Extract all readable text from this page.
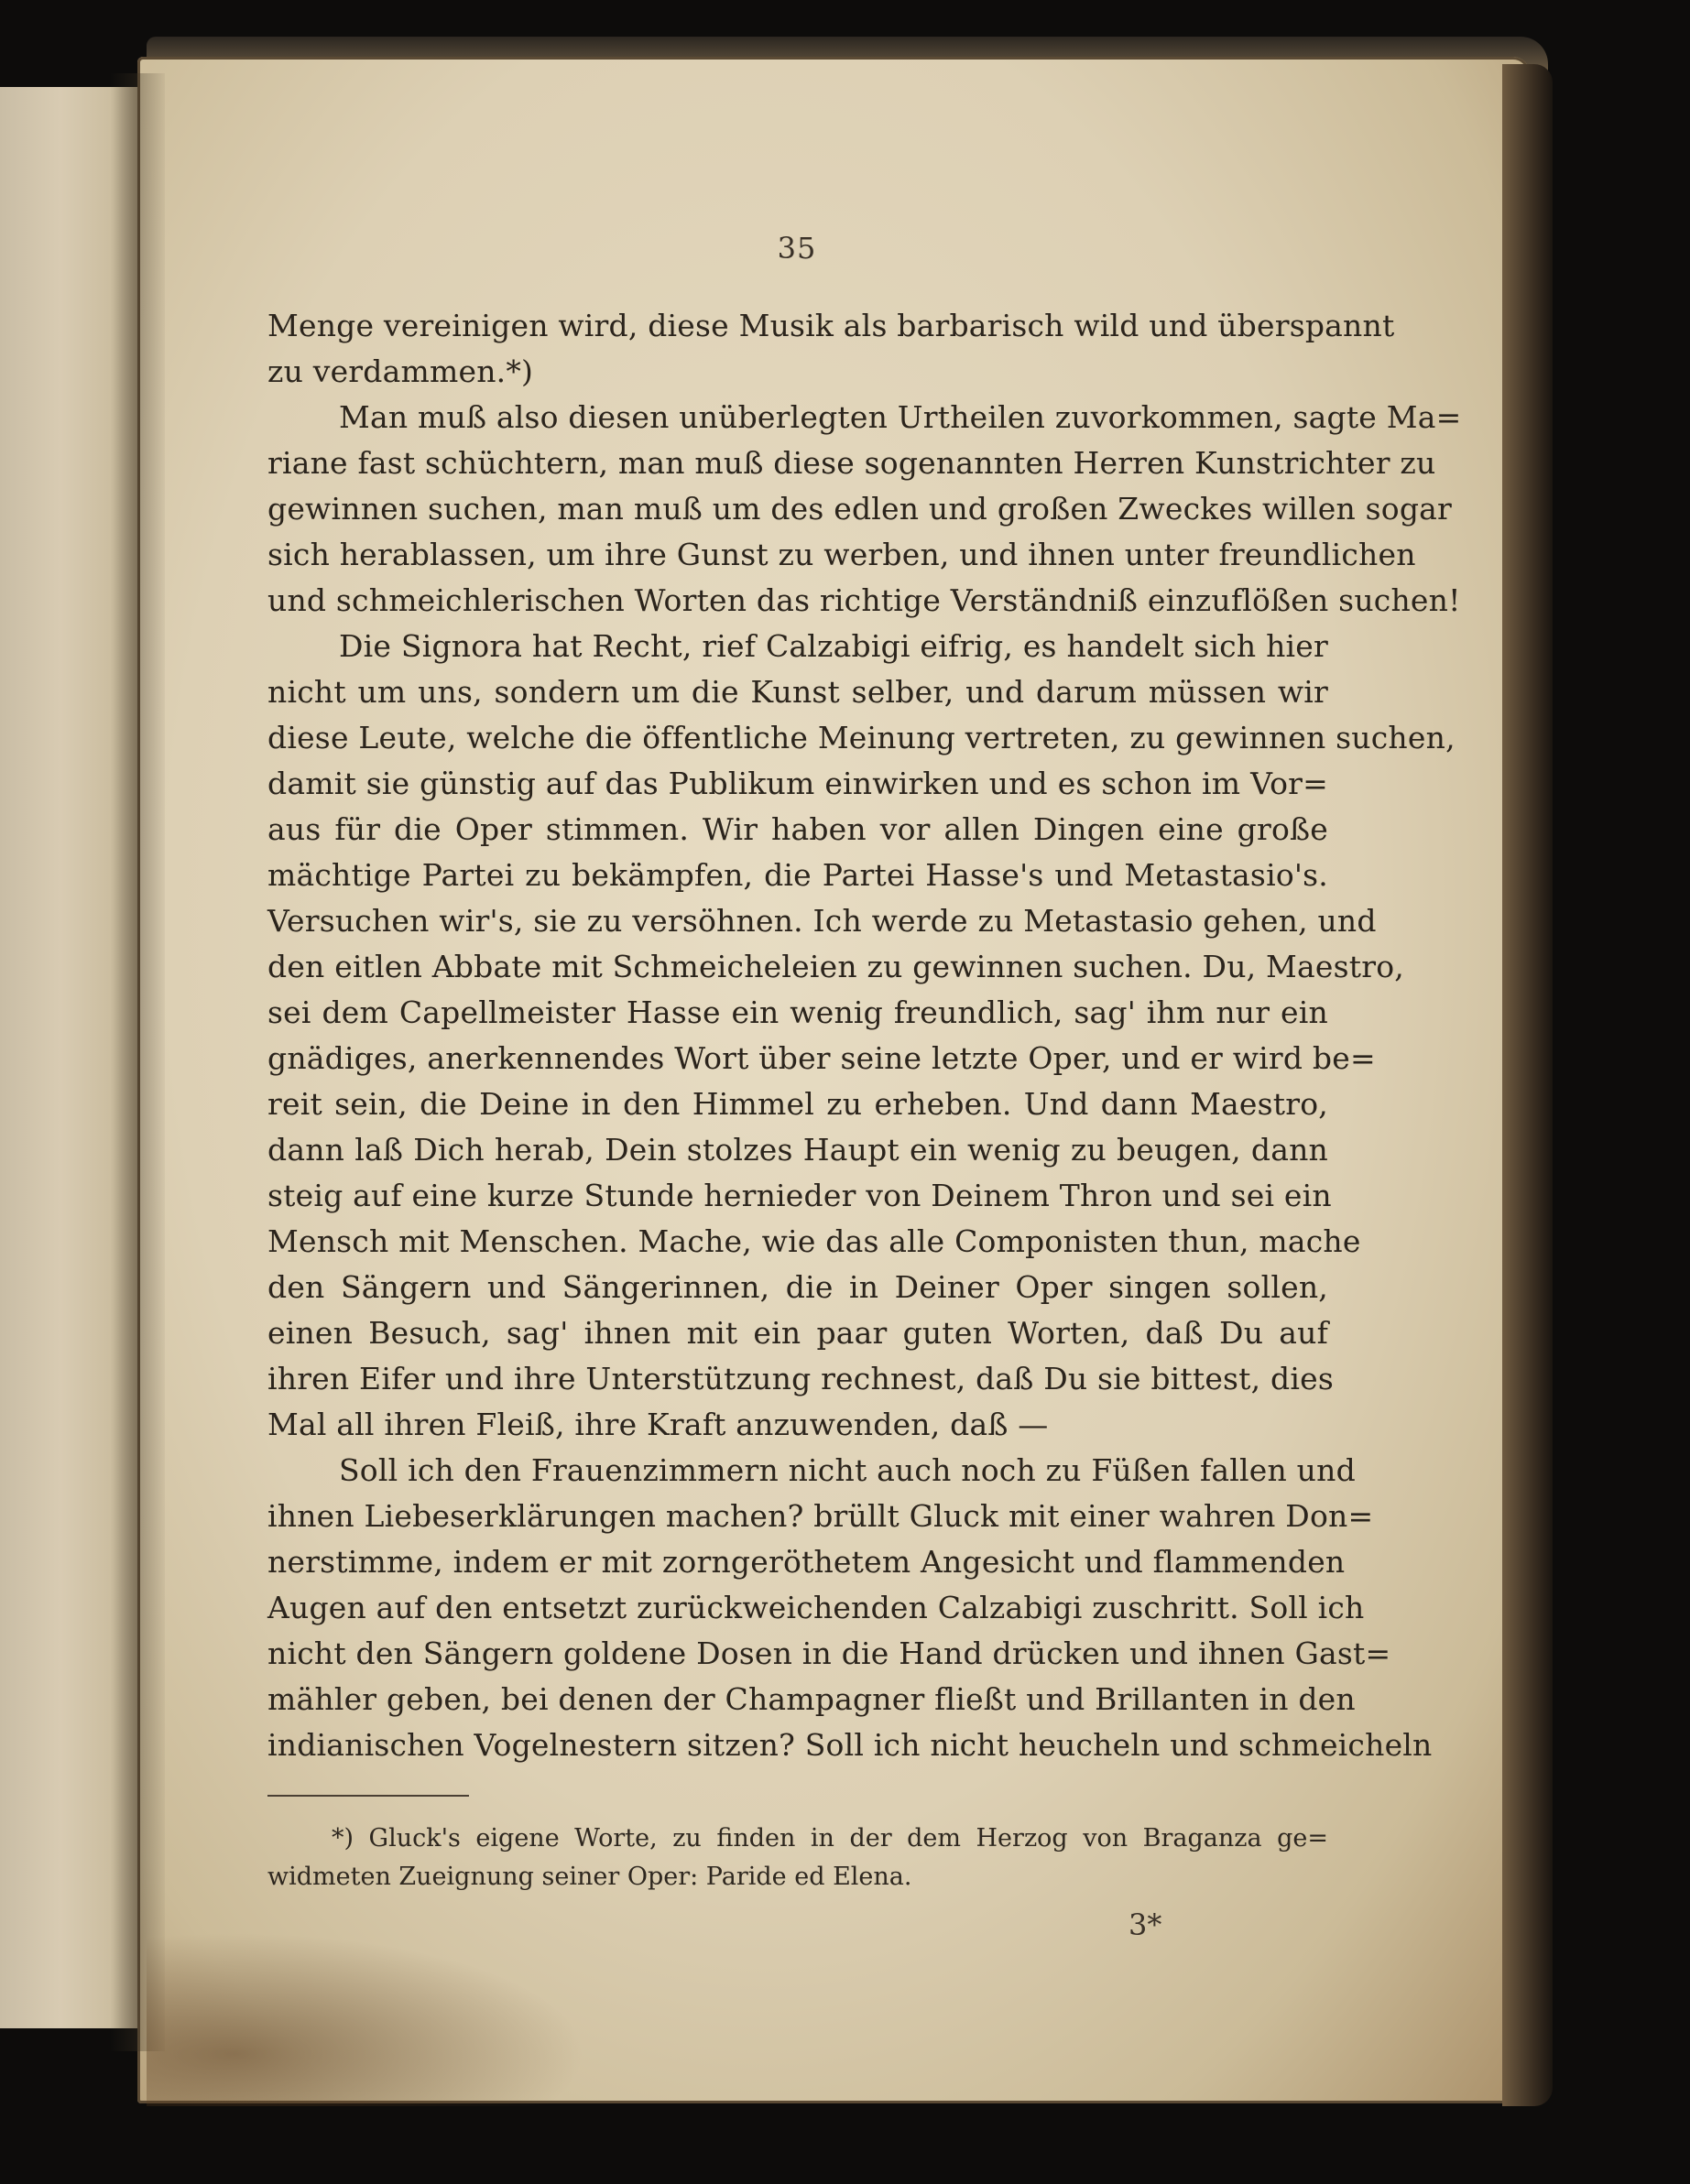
35
Menge vereinigen wird, diese Musik als barbarisch wild und überspannt
zu verdammen.*)
Man muß also diesen unüberlegten Urtheilen zuvorkommen, sagte Ma=
riane fast schüchtern, man muß diese sogenannten Herren Kunstrichter zu
gewinnen suchen, man muß um des edlen und großen Zweckes willen sogar
sich herablassen, um ihre Gunst zu werben, und ihnen unter freundlichen
und schmeichlerischen Worten das richtige Verständniß einzuflößen suchen!
Die Signora hat Recht, rief Calzabigi eifrig, es handelt sich hier
nicht um uns, sondern um die Kunst selber, und darum müssen wir
diese Leute, welche die öffentliche Meinung vertreten, zu gewinnen suchen,
damit sie günstig auf das Publikum einwirken und es schon im Vor=
aus für die Oper stimmen. Wir haben vor allen Dingen eine große
mächtige Partei zu bekämpfen, die Partei Hasse's und Metastasio's.
Versuchen wir's, sie zu versöhnen. Ich werde zu Metastasio gehen, und
den eitlen Abbate mit Schmeicheleien zu gewinnen suchen. Du, Maestro,
sei dem Capellmeister Hasse ein wenig freundlich, sag' ihm nur ein
gnädiges, anerkennendes Wort über seine letzte Oper, und er wird be=
reit sein, die Deine in den Himmel zu erheben. Und dann Maestro,
dann laß Dich herab, Dein stolzes Haupt ein wenig zu beugen, dann
steig auf eine kurze Stunde hernieder von Deinem Thron und sei ein
Mensch mit Menschen. Mache, wie das alle Componisten thun, mache
den Sängern und Sängerinnen, die in Deiner Oper singen sollen,
einen Besuch, sag' ihnen mit ein paar guten Worten, daß Du auf
ihren Eifer und ihre Unterstützung rechnest, daß Du sie bittest, dies
Mal all ihren Fleiß, ihre Kraft anzuwenden, daß —
Soll ich den Frauenzimmern nicht auch noch zu Füßen fallen und
ihnen Liebeserklärungen machen? brüllt Gluck mit einer wahren Don=
nerstimme, indem er mit zorngeröthetem Angesicht und flammenden
Augen auf den entsetzt zurückweichenden Calzabigi zuschritt. Soll ich
nicht den Sängern goldene Dosen in die Hand drücken und ihnen Gast=
mähler geben, bei denen der Champagner fließt und Brillanten in den
indianischen Vogelnestern sitzen? Soll ich nicht heucheln und schmeicheln
*) Gluck's eigene Worte, zu finden in der dem Herzog von Braganza ge=
widmeten Zueignung seiner Oper: Paride ed Elena.
3*
